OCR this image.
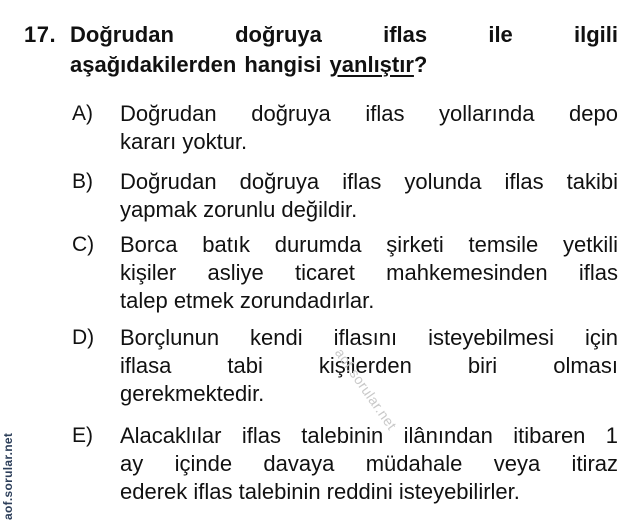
17. Doğrudan doğruya iflas ile ilgili
aşağıdakilerden hangisi yanlıştır?
A) Doğrudan doğruya iflas yollarında depo
kararı yoktur.
B) Doğrudan doğruya iflas yolunda iflas takibi
yapmak zorunlu değildir.
C) Borca batık durumda şirketi temsile yetkili
kişiler asliye ticaret mahkemesinden iflas
talep etmek zorundadırlar.
D) Borçlunun kendi iflasını isteyebilmesi için
iflasa tabi kişilerden biri olması
gerekmektedir.
E) Alacaklılar iflas talebinin ilânından itibaren 1
ay içinde davaya müdahale veya itiraz
ederek iflas talebinin reddini isteyebilirler.
aof.sorular.net
aof.sorular.net
